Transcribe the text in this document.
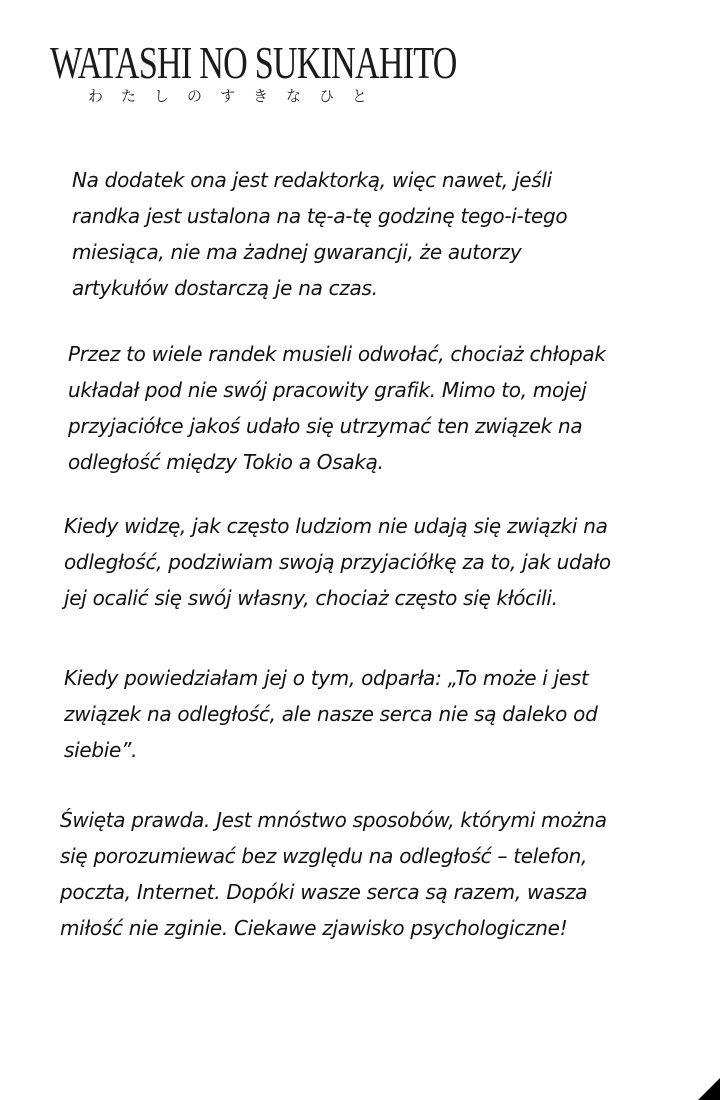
WATASHI NO SUKINAHITO
わ た し の す き な ひ と

Na dodatek ona jest redaktorką, więc nawet, jeśli
randka jest ustalona na tę-a-tę godzinę tego-i-tego
miesiąca, nie ma żadnej gwarancji, że autorzy
artykułów dostarczą je na czas.

Przez to wiele randek musieli odwołać, chociaż chłopak
układał pod nie swój pracowity grafik. Mimo to, mojej
przyjaciółce jakoś udało się utrzymać ten związek na
odległość między Tokio a Osaką.

Kiedy widzę, jak często ludziom nie udają się związki na
odległość, podziwiam swoją przyjaciółkę za to, jak udało
jej ocalić się swój własny, chociaż często się kłócili.

Kiedy powiedziałam jej o tym, odparła: „To może i jest
związek na odległość, ale nasze serca nie są daleko od
siebie”.

Święta prawda. Jest mnóstwo sposobów, którymi można
się porozumiewać bez względu na odległość – telefon,
poczta, Internet. Dopóki wasze serca są razem, wasza
miłość nie zginie. Ciekawe zjawisko psychologiczne!
